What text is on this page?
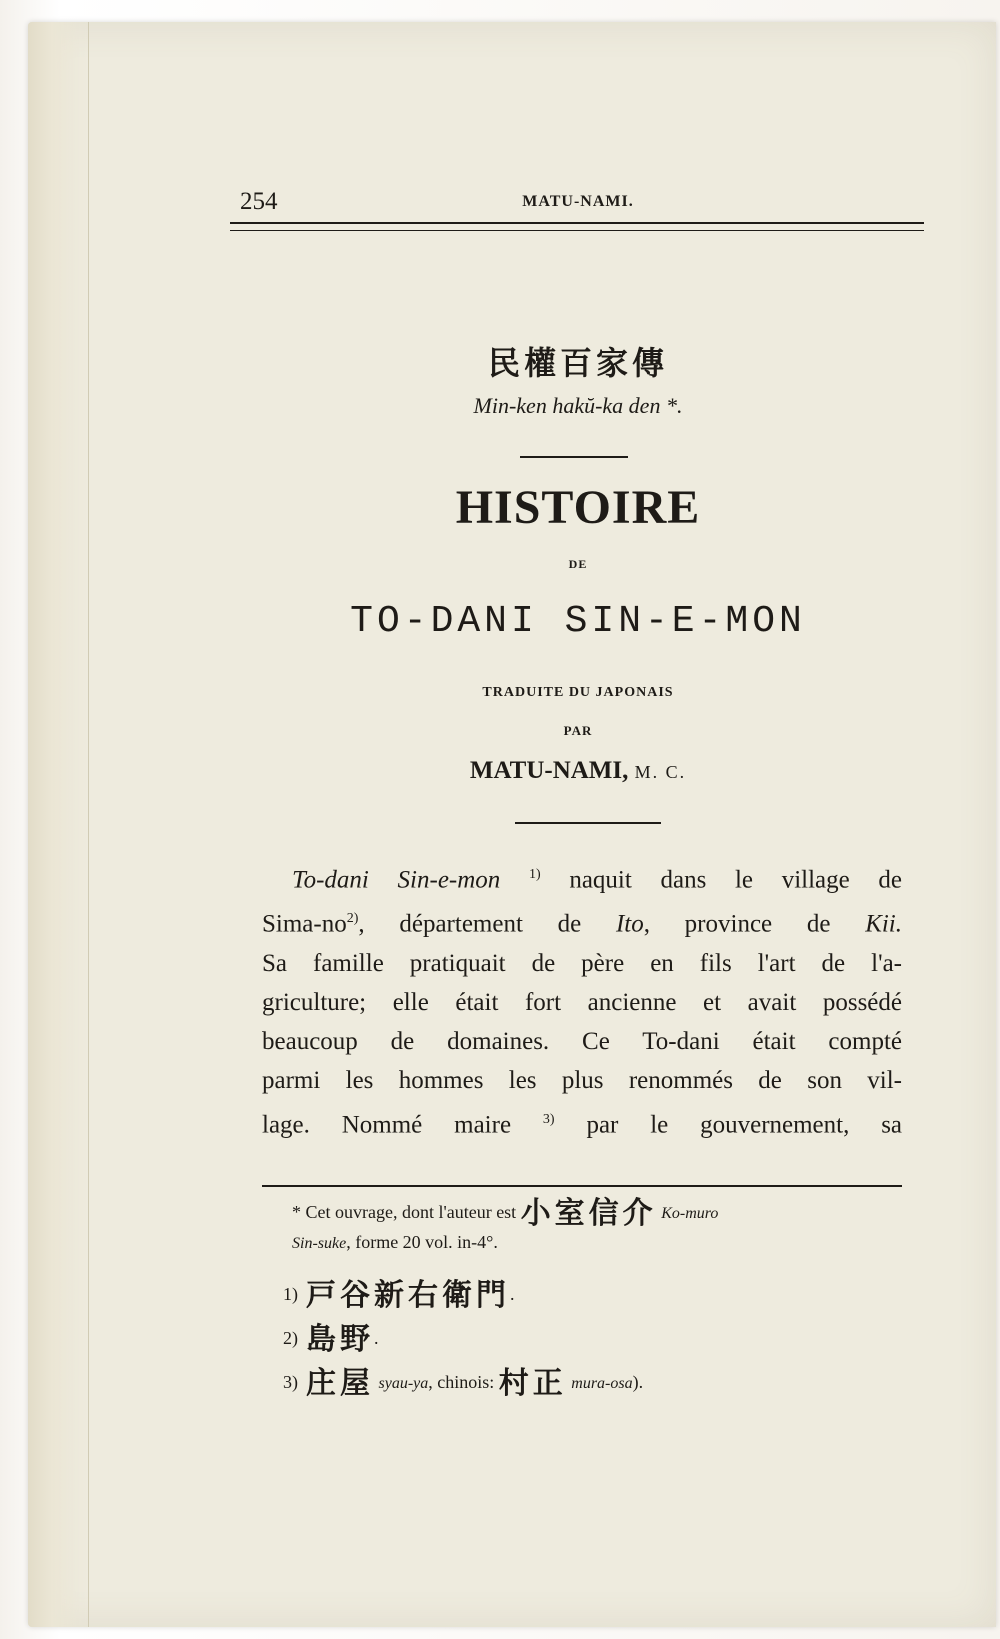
254	MATU-NAMI.
民權百家傳
Min-ken hakŭ-ka den *.
HISTOIRE
DE
TO-DANI SIN-E-MON
TRADUITE DU JAPONAIS
PAR
MATU-NAMI, M. C.
To-dani Sin-e-mon $^{1)}$ naquit dans le village de
Sima-$no^{2)}$, département de Ito, province de Kii.
Sa famille pratiquait de père en fils l'art de l'a-
griculture; elle était fort ancienne et avait possédé
beaucoup de domaines. Ce To-dani était compté
parmi les hommes les plus renommés de son vil-
lage. Nommé maire $^{3)}$ par le gouvernement, sa
* Cet ouvrage, dont l'auteur est 小室信介 Ko-muro
Sin-suke, forme 20 vol. in-4°.
1) 戸谷新右衛門.
2) 島野.
3) 庄屋 syau-ya, chinois: 村正 mura-osa).
